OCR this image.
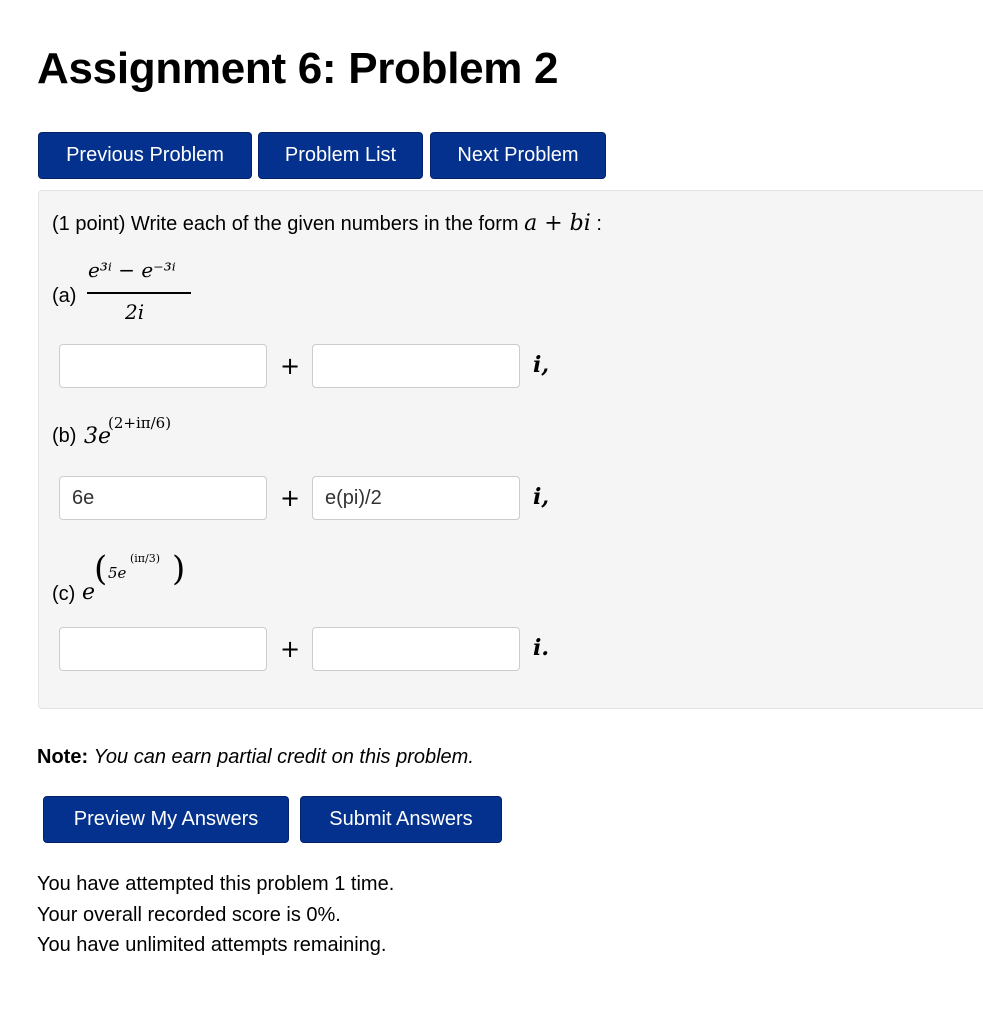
Assignment 6: Problem 2
Previous Problem	Problem List	Next Problem
(1 point) Write each of the given numbers in the form a + bi :
(a)
e³ⁱ − e⁻³ⁱ
2i
+	i,
(b) 3e
(2+iπ/6)
6e
+
e(pi)/2	i,
(c) e
( 5e
(iπ/3) )
+	i.
Note: You can earn partial credit on this problem.
Preview My Answers	Submit Answers
You have attempted this problem 1 time.
Your overall recorded score is 0%.
You have unlimited attempts remaining.
